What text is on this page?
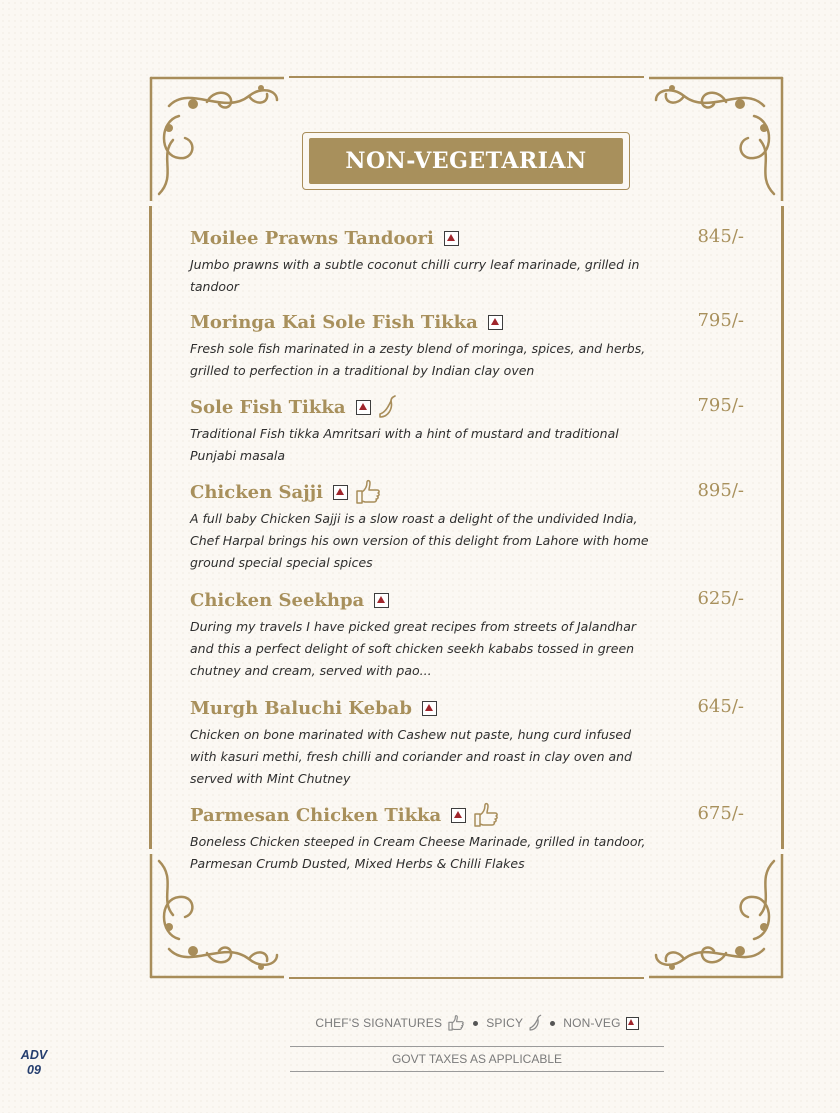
NON-VEGETARIAN
Moilee Prawns Tandoori	845/-
Jumbo prawns with a subtle coconut chilli curry leaf marinade, grilled in tandoor
Moringa Kai Sole Fish Tikka	795/-
Fresh sole fish marinated in a zesty blend of moringa, spices, and herbs, grilled to perfection in a traditional by Indian clay oven
Sole Fish Tikka	795/-
Traditional Fish tikka Amritsari with a hint of mustard and traditional Punjabi masala
Chicken Sajji	895/-
A full baby Chicken Sajji is a slow roast a delight of the undivided India, Chef Harpal brings his own version of this delight from Lahore with home ground special special spices
Chicken Seekhpa	625/-
During my travels I have picked great recipes from streets of Jalandhar and this a perfect delight of soft chicken seekh kababs tossed in green chutney and cream, served with pao...
Murgh Baluchi Kebab	645/-
Chicken on bone marinated with Cashew nut paste, hung curd infused with kasuri methi, fresh chilli and coriander and roast in clay oven and served with Mint Chutney
Parmesan Chicken Tikka	675/-
Boneless Chicken steeped in Cream Cheese Marinade, grilled in tandoor, Parmesan Crumb Dusted, Mixed Herbs & Chilli Flakes
CHEF'S SIGNATURES	SPICY	NON-VEG
GOVT TAXES AS APPLICABLE
ADV
09
